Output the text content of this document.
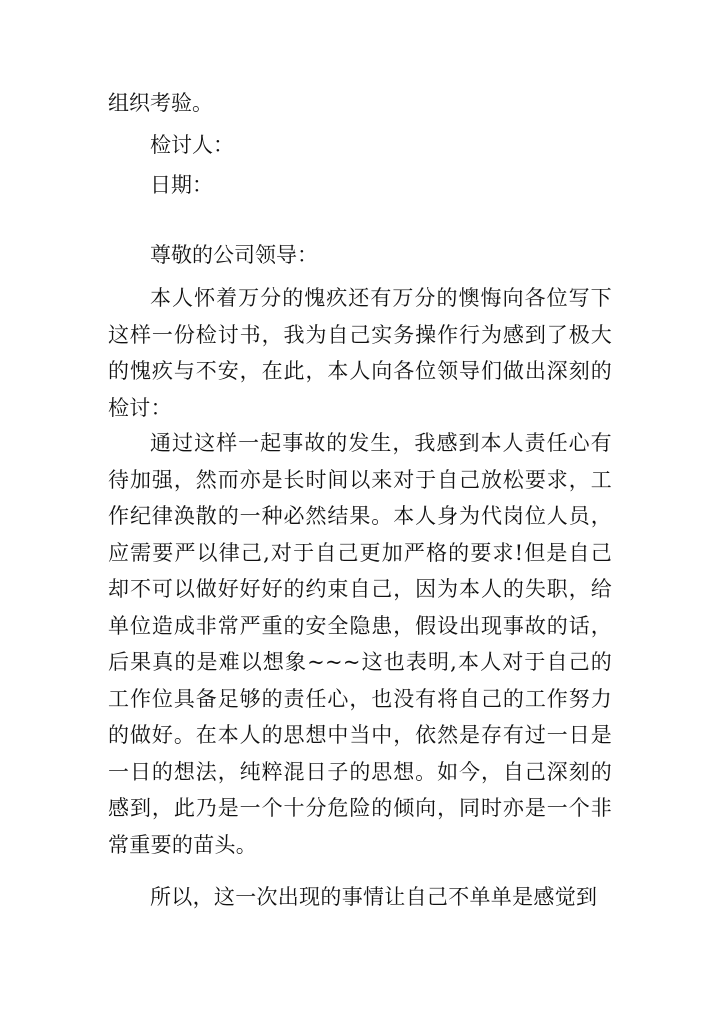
组织考验。
检讨人：
日期：
尊敬的公司领导：
本人怀着万分的愧疚还有万分的懊悔向各位写下这样一份检讨书，我为自己实务操作行为感到了极大的愧疚与不安，在此，本人向各位领导们做出深刻的检讨：
通过这样一起事故的发生，我感到本人责任心有待加强，然而亦是长时间以来对于自己放松要求，工作纪律涣散的一种必然结果。本人身为代岗位人员，应需要严以律己,对于自己更加严格的要求!但是自己却不可以做好好好的约束自己，因为本人的失职，给单位造成非常严重的安全隐患，假设出现事故的话，后果真的是难以想象~~~这也表明,本人对于自己的工作位具备足够的责任心，也没有将自己的工作努力的做好。在本人的思想中当中，依然是存有过一日是一日的想法，纯粹混日子的思想。如今，自己深刻的感到，此乃是一个十分危险的倾向，同时亦是一个非常重要的苗头。
所以，这一次出现的事情让自己不单单是感觉到
